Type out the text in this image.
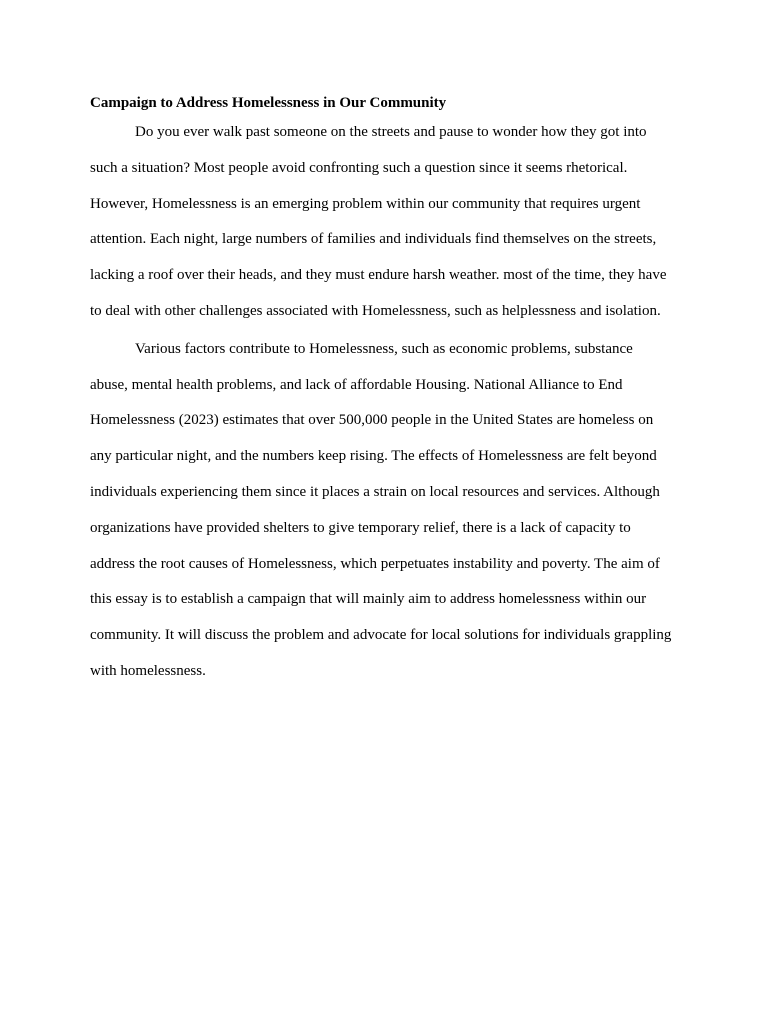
Campaign to Address Homelessness in Our Community
Do you ever walk past someone on the streets and pause to wonder how they got into
such a situation? Most people avoid confronting such a question since it seems rhetorical.
However, Homelessness is an emerging problem within our community that requires urgent
attention. Each night, large numbers of families and individuals find themselves on the streets,
lacking a roof over their heads, and they must endure harsh weather. most of the time, they have
to deal with other challenges associated with Homelessness, such as helplessness and isolation.
Various factors contribute to Homelessness, such as economic problems, substance
abuse, mental health problems, and lack of affordable Housing. National Alliance to End
Homelessness (2023) estimates that over 500,000 people in the United States are homeless on
any particular night, and the numbers keep rising. The effects of Homelessness are felt beyond
individuals experiencing them since it places a strain on local resources and services. Although
organizations have provided shelters to give temporary relief, there is a lack of capacity to
address the root causes of Homelessness, which perpetuates instability and poverty. The aim of
this essay is to establish a campaign that will mainly aim to address homelessness within our
community. It will discuss the problem and advocate for local solutions for individuals grappling
with homelessness.
